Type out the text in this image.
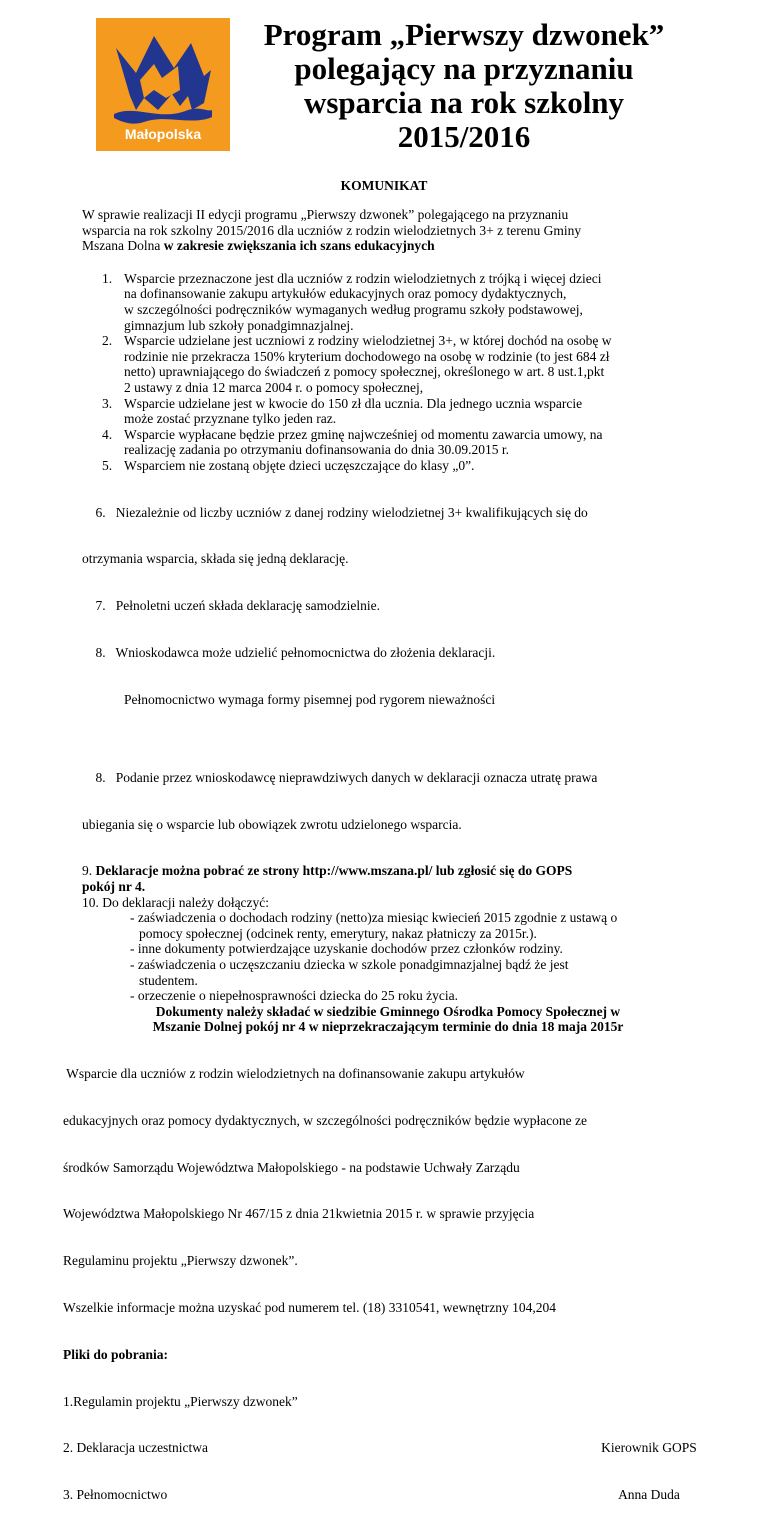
Małopolska
Program „Pierwszy dzwonek”
polegający na przyznaniu
wsparcia na rok szkolny
2015/2016
KOMUNIKAT
W sprawie realizacji II edycji programu „Pierwszy dzwonek” polegającego na przyznaniu
wsparcia na rok szkolny 2015/2016 dla uczniów z rodzin wielodzietnych 3+ z terenu Gminy
Mszana Dolna w zakresie zwiększania ich szans edukacyjnych
1. Wsparcie przeznaczone jest dla uczniów z rodzin wielodzietnych z trójką i więcej dzieci
na dofinansowanie zakupu artykułów edukacyjnych oraz pomocy dydaktycznych,
w szczególności podręczników wymaganych według programu szkoły podstawowej,
gimnazjum lub szkoły ponadgimnazjalnej.
2. Wsparcie udzielane jest uczniowi z rodziny wielodzietnej 3+, w której dochód na osobę w
rodzinie nie przekracza 150% kryterium dochodowego na osobę w rodzinie (to jest 684 zł
netto) uprawniającego do świadczeń z pomocy społecznej, określonego w art. 8 ust.1,pkt
2 ustawy z dnia 12 marca 2004 r. o pomocy społecznej,
3. Wsparcie udzielane jest w kwocie do 150 zł dla ucznia. Dla jednego ucznia wsparcie
może zostać przyznane tylko jeden raz.
4. Wsparcie wypłacane będzie przez gminę najwcześniej od momentu zawarcia umowy, na
realizację zadania po otrzymaniu dofinansowania do dnia 30.09.2015 r.
5. Wsparciem nie zostaną objęte dzieci uczęszczające do klasy „0”.

6.   Niezależnie od liczby uczniów z danej rodziny wielodzietnej 3+ kwalifikujących się do

otrzymania wsparcia, składa się jedną deklarację.

7.   Pełnoletni uczeń składa deklarację samodzielnie.

8.   Wnioskodawca może udzielić pełnomocnictwa do złożenia deklaracji.

Pełnomocnictwo wymaga formy pisemnej pod rygorem nieważności

8.   Podanie przez wnioskodawcę nieprawdziwych danych w deklaracji oznacza utratę prawa

ubiegania się o wsparcie lub obowiązek zwrotu udzielonego wsparcia.

9. Deklaracje można pobrać ze strony http://www.mszana.pl/ lub zgłosić się do GOPS
pokój nr 4.
10. Do deklaracji należy dołączyć:
- zaświadczenia o dochodach rodziny (netto)za miesiąc kwiecień 2015 zgodnie z ustawą o
pomocy społecznej (odcinek renty, emerytury, nakaz płatniczy za 2015r.).
- inne dokumenty potwierdzające uzyskanie dochodów przez członków rodziny.
- zaświadczenia o uczęszczaniu dziecka w szkole ponadgimnazjalnej bądź że jest
studentem.
- orzeczenie o niepełnosprawności dziecka do 25 roku życia.
Dokumenty należy składać w siedzibie Gminnego Ośrodka Pomocy Społecznej w
Mszanie Dolnej pokój nr 4 w nieprzekraczającym terminie do dnia 18 maja 2015r

Wsparcie dla uczniów z rodzin wielodzietnych na dofinansowanie zakupu artykułów

edukacyjnych oraz pomocy dydaktycznych, w szczególności podręczników będzie wypłacone ze

środków Samorządu Województwa Małopolskiego - na podstawie Uchwały Zarządu

Województwa Małopolskiego Nr 467/15 z dnia 21kwietnia 2015 r. w sprawie przyjęcia

Regulaminu projektu „Pierwszy dzwonek”.

Wszelkie informacje można uzyskać pod numerem tel. (18) 3310541, wewnętrzny 104,204

Pliki do pobrania:

1.Regulamin projektu „Pierwszy dzwonek”

2. Deklaracja uczestnictwa	Kierownik GOPS

3. Pełnomocnictwo	Anna Duda
